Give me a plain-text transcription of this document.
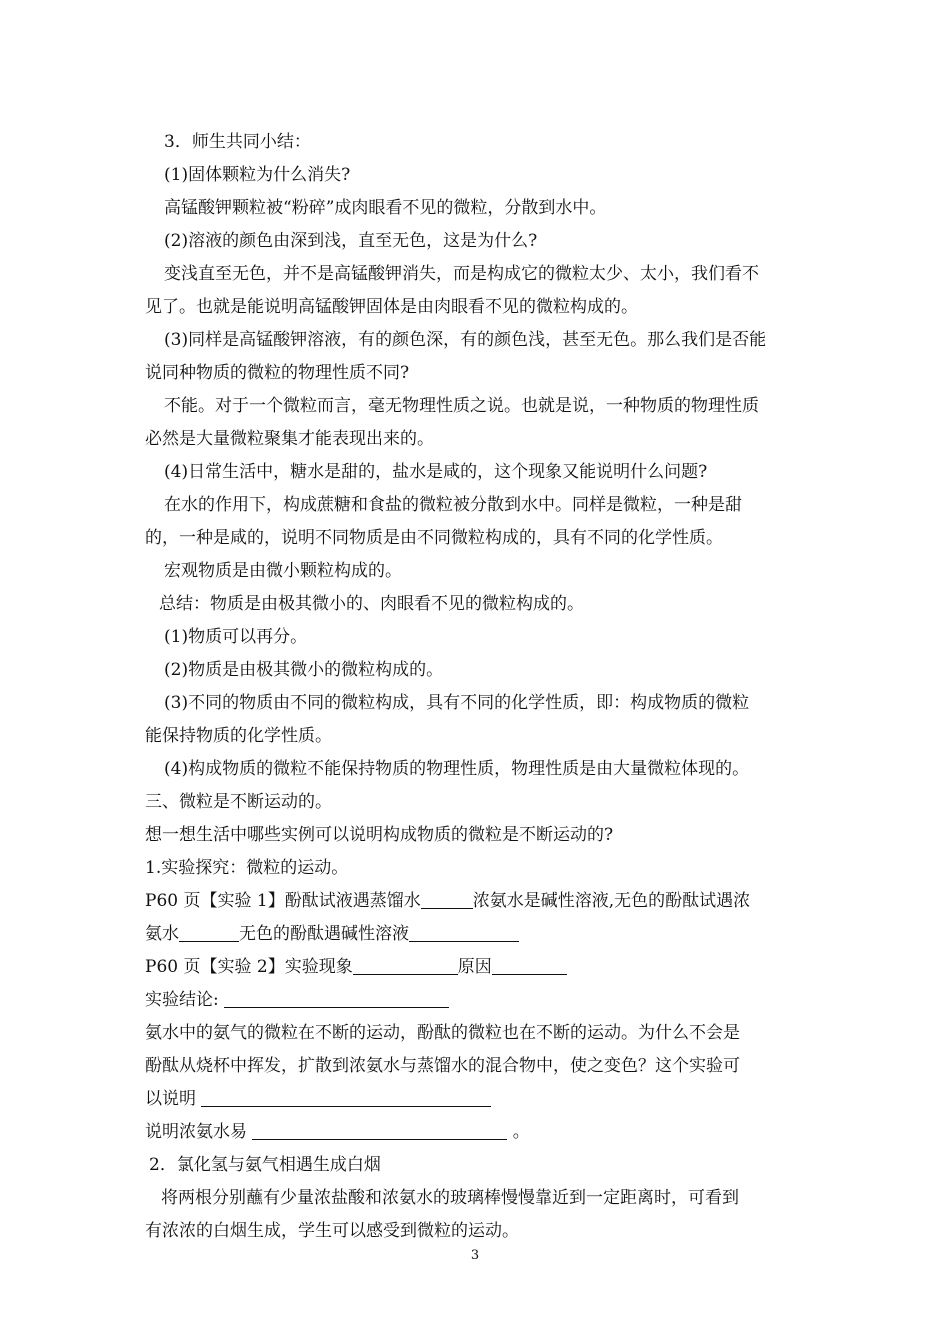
3．师生共同小结：
(1)固体颗粒为什么消失?
高锰酸钾颗粒被“粉碎”成肉眼看不见的微粒，分散到水中。
(2)溶液的颜色由深到浅，直至无色，这是为什么?
变浅直至无色，并不是高锰酸钾消失，而是构成它的微粒太少、太小，我们看不
见了。也就是能说明高锰酸钾固体是由肉眼看不见的微粒构成的。
(3)同样是高锰酸钾溶液，有的颜色深，有的颜色浅，甚至无色。那么我们是否能
说同种物质的微粒的物理性质不同?
不能。对于一个微粒而言，毫无物理性质之说。也就是说，一种物质的物理性质
必然是大量微粒聚集才能表现出来的。
(4)日常生活中，糖水是甜的，盐水是咸的，这个现象又能说明什么问题?
在水的作用下，构成蔗糖和食盐的微粒被分散到水中。同样是微粒，一种是甜
的，一种是咸的，说明不同物质是由不同微粒构成的，具有不同的化学性质。
宏观物质是由微小颗粒构成的。
总结：物质是由极其微小的、肉眼看不见的微粒构成的。
(1)物质可以再分。
(2)物质是由极其微小的微粒构成的。
(3)不同的物质由不同的微粒构成，具有不同的化学性质，即：构成物质的微粒
能保持物质的化学性质。
(4)构成物质的微粒不能保持物质的物理性质，物理性质是由大量微粒体现的。
三、微粒是不断运动的。
想一想生活中哪些实例可以说明构成物质的微粒是不断运动的?
1.实验探究：微粒的运动。
P60 页【实验 1】酚酞试液遇蒸馏水	浓氨水是碱性溶液,无色的酚酞试遇浓
氨水	无色的酚酞遇碱性溶液
P60 页【实验 2】实验现象	原因
实验结论:
氨水中的氨气的微粒在不断的运动，酚酞的微粒也在不断的运动。为什么不会是
酚酞从烧杯中挥发，扩散到浓氨水与蒸馏水的混合物中，使之变色？这个实验可
以说明
说明浓氨水易	。
2．氯化氢与氨气相遇生成白烟
将两根分别蘸有少量浓盐酸和浓氨水的玻璃棒慢慢靠近到一定距离时，可看到
有浓浓的白烟生成，学生可以感受到微粒的运动。
3
